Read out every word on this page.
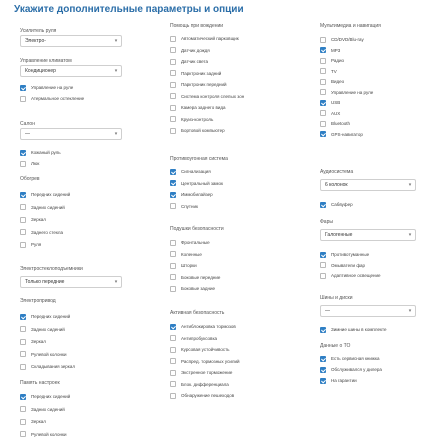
Укажите дополнительные параметры и опции
Усилитель руля
Электро-	▾
Управление климатом
Кондиционер	▾
Управление на руле
Атермальное остекление
Салон
—	▾
Кожаный руль
Люк
Обогрев
Передних сидений
Задних сидений
Зеркал
Заднего стекла
Руля
Электростеклоподъемники
Только передние	▾
Электропривод
Передних сидений
Задних сидений
Зеркал
Рулевой колонки
Складывания зеркал
Память настроек
Передних сидений
Задних сидений
Зеркал
Рулевой колонки
Помощь при вождении
Автоматический парковщик
Датчик дождя
Датчик света
Парктроник задний
Парктроник передний
Система контроля слепых зон
Камера заднего вида
Круиз-контроль
Бортовой компьютер
Противоугонная система
Сигнализация
Центральный замок
Иммобилайзер
Спутник
Подушки безопасности
Фронтальные
Коленные
Шторки
Боковые передние
Боковые задние
Активная безопасность
Антиблокировка тормозов
Антипробуксовка
Курсовая устойчивость
Распред. тормозных усилий
Экстренное торможение
Блок. дифференциала
Обнаружение пешеходов
Мультимедиа и навигация
CD/DVD/Blu-ray
MP3
Радио
TV
Видео
Управление на руле
USB
AUX
Bluetooth
GPS-навигатор
Аудиосистема
6 колонок	▾
Сабвуфер
Фары
Галогенные	▾
Противотуманные
Омыватели фар
Адаптивное освещение
Шины и диски
—	▾
Зимние шины в комплекте
Данные о ТО
Есть сервисная книжка
Обслуживался у дилера
На гарантии
